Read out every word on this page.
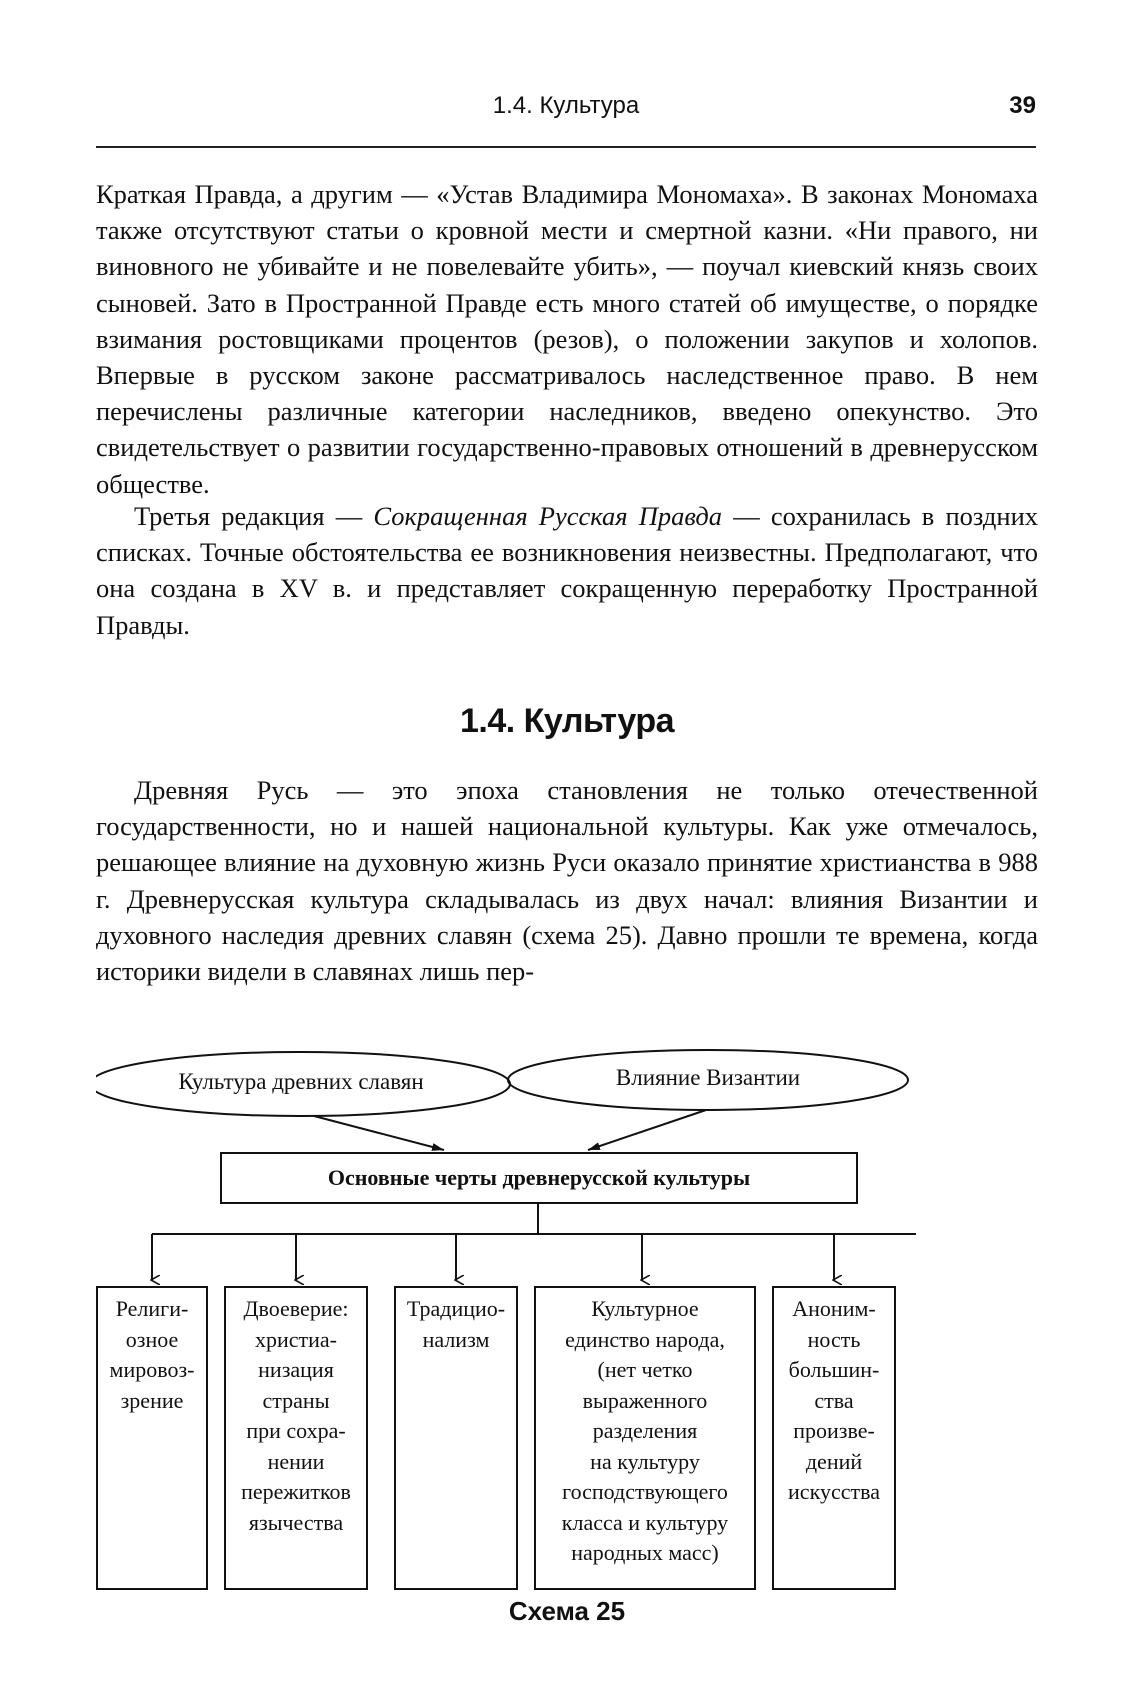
1.4. Культура	39

Краткая Правда, а другим — «Устав Владимира Мономаха». В законах Мономаха также отсутствуют статьи о кровной мести и смертной казни. «Ни правого, ни виновного не убивайте и не повелевайте убить», — поучал киевский князь своих сыновей. Зато в Пространной Правде есть много статей об имуществе, о порядке взимания ростовщиками процентов (резов), о положении закупов и холопов. Впервые в русском законе рассматривалось наследственное право. В нем перечислены различные категории наследников, введено опекунство. Это свидетельствует о развитии государственно-правовых отношений в древнерусском обществе.

Третья редакция — Сокращенная Русская Правда — сохранилась в поздних списках. Точные обстоятельства ее возникновения неизвестны. Предполагают, что она создана в XV в. и представляет сокращенную переработку Пространной Правды.

1.4. Культура

Древняя Русь — это эпоха становления не только отечественной государственности, но и нашей национальной культуры. Как уже отмечалось, решающее влияние на духовную жизнь Руси оказало принятие христианства в 988 г. Древнерусская культура складывалась из двух начал: влияния Византии и духовного наследия древних славян (схема 25). Давно прошли те времена, когда историки видели в славянах лишь пер-

Культура древних славян	Влияние Византии
Основные черты древнерусской культуры
Религи-
озное
мировоз-
зрение
Двоеверие:
христиа-
низация
страны
при сохра-
нении
пережитков
язычества
Традицио-
нализм
Культурное
единство народа,
(нет четко
выраженного
разделения
на культуру
господствующего
класса и культуру
народных масс)
Аноним-
ность
большин-
ства
произве-
дений
искусства
Схема 25
